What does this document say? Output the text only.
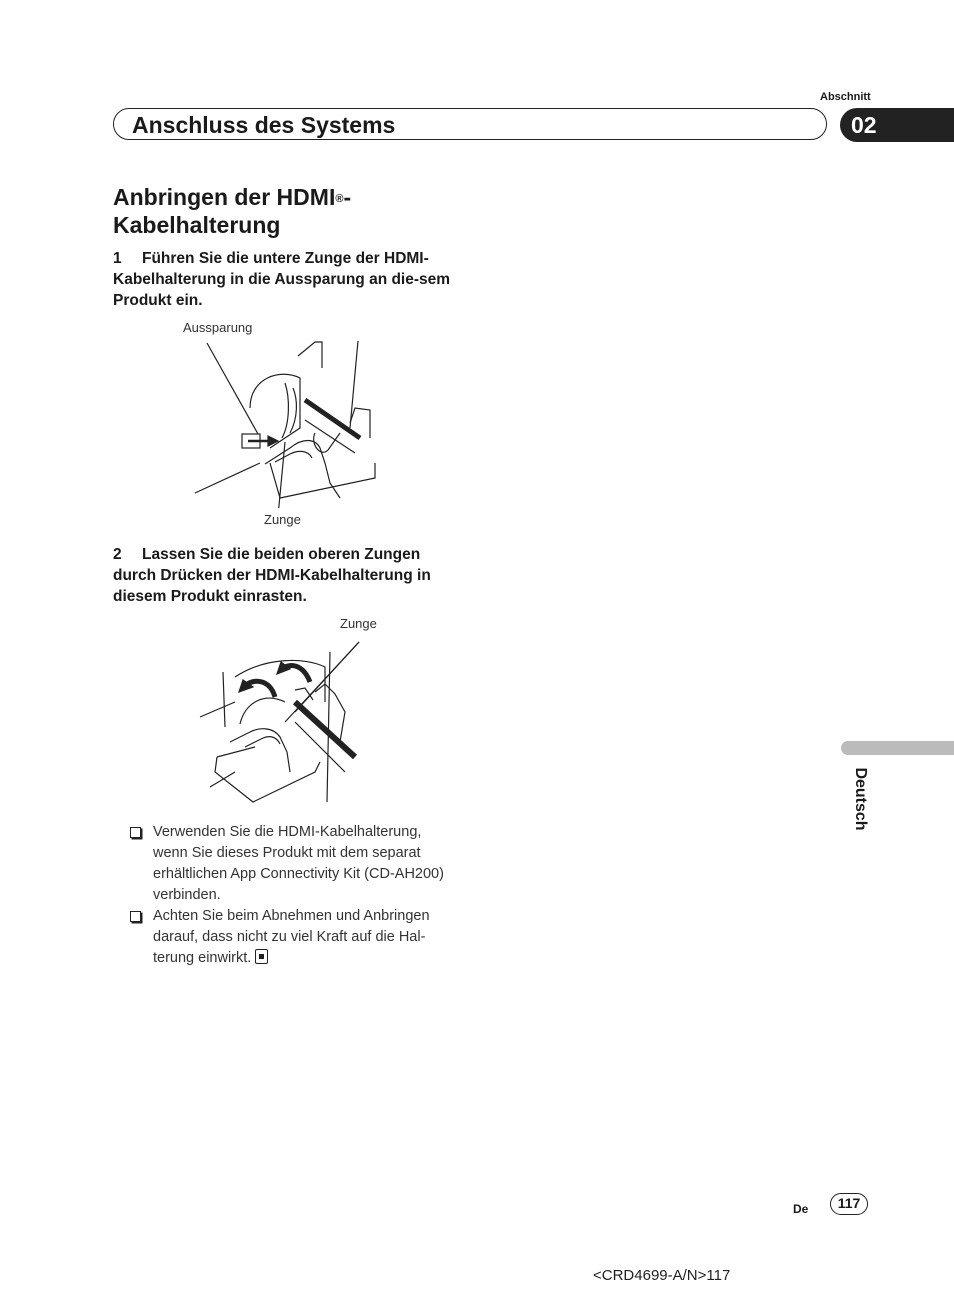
Abschnitt
Anschluss des Systems	02
Anbringen der HDMI®-
Kabelhalterung
1 Führen Sie die untere Zunge der HDMI-Kabelhalterung in die Aussparung an die-sem Produkt ein.
Aussparung
Zunge
2 Lassen Sie die beiden oberen Zungen durch Drücken der HDMI-Kabelhalterung in diesem Produkt einrasten.
Zunge
Verwenden Sie die HDMI-Kabelhalterung, wenn Sie dieses Produkt mit dem separat erhältlichen App Connectivity Kit (CD-AH200) verbinden.
Achten Sie beim Abnehmen und Anbringen darauf, dass nicht zu viel Kraft auf die Hal-terung einwirkt.
Deutsch
De	117
<CRD4699-A/N>117
